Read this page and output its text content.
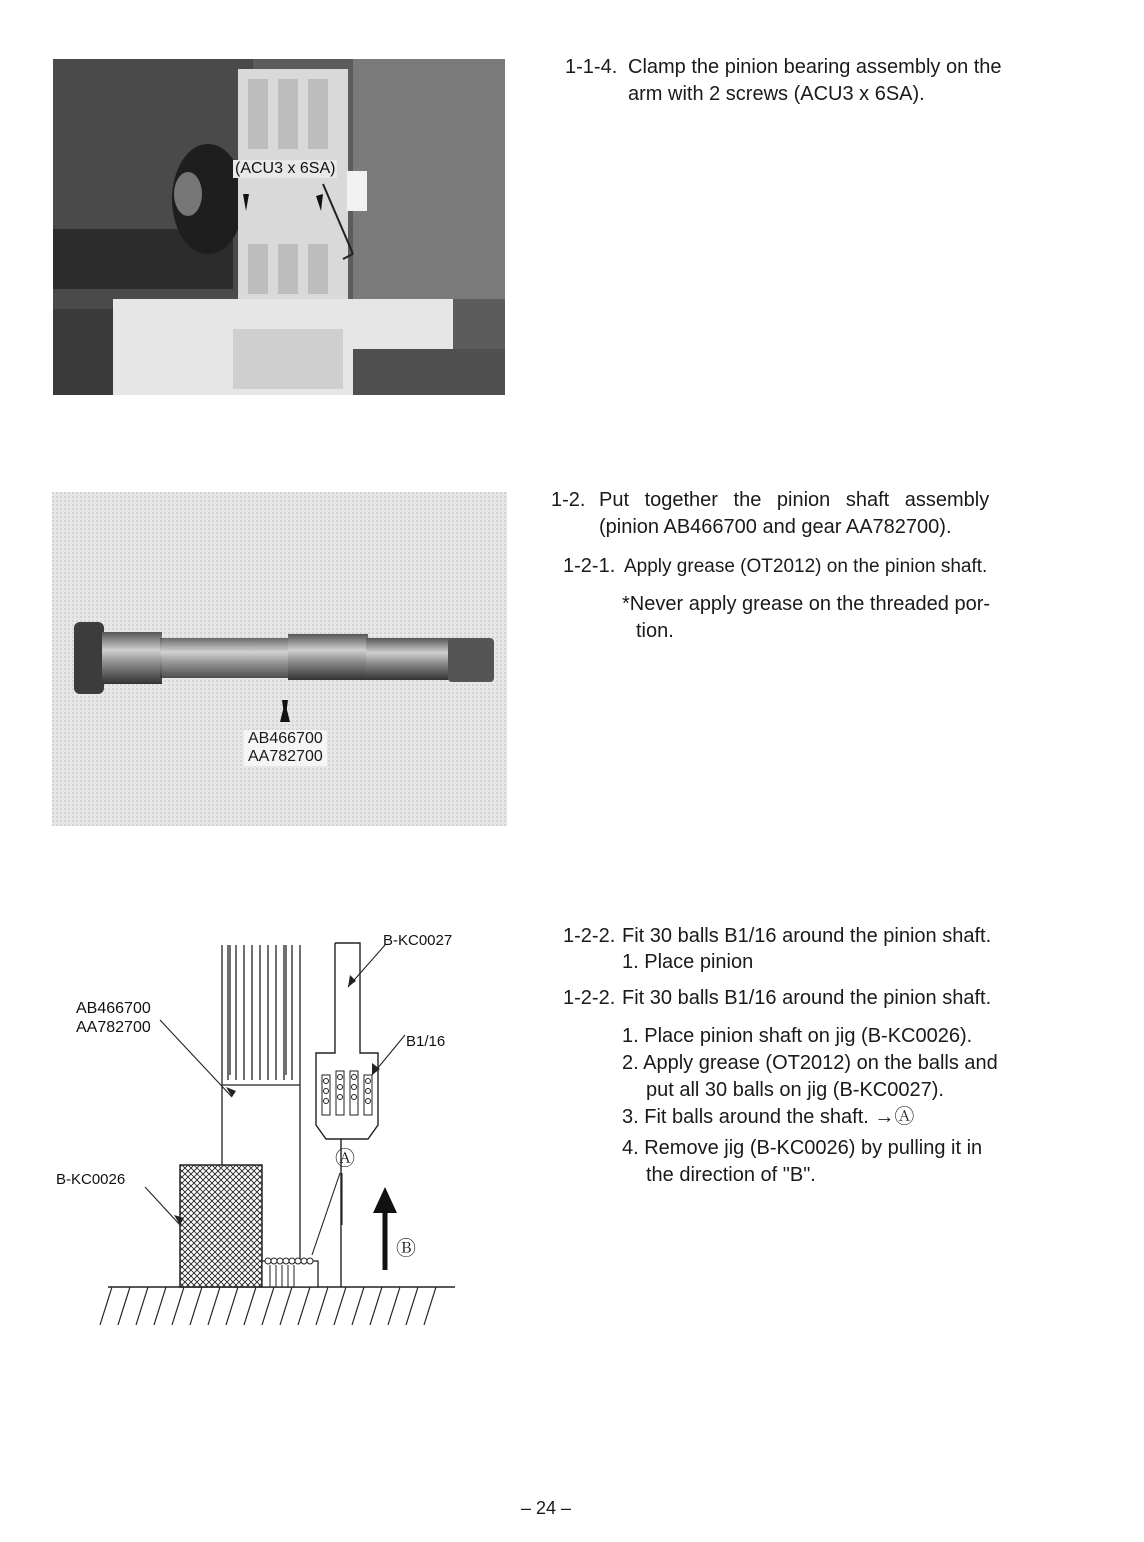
(ACU3 x 6SA)
1-1-4. Clamp the pinion bearing assembly on the
arm with 2 screws (ACU3 x 6SA).
AB466700
AA782700
1-2. Put together the pinion shaft assembly
(pinion AB466700 and gear AA782700).
1-2-1. Apply grease (OT2012) on the pinion shaft.
*Never apply grease on the threaded por-
tion.
Ⓐ
Ⓑ
AB466700
AA782700
B-KC0027
B1/16
B-KC0026
1-2-2. Fit 30 balls B1/16 around the pinion shaft.
1. Place pinion
1-2-2. Fit 30 balls B1/16 around the pinion shaft.
1. Place pinion shaft on jig (B-KC0026).
2. Apply grease (OT2012) on the balls and
put all 30 balls on jig (B-KC0027).
3. Fit balls around the shaft. →Ⓐ
4. Remove jig (B-KC0026) by pulling it in
the direction of "B".
– 24 –
